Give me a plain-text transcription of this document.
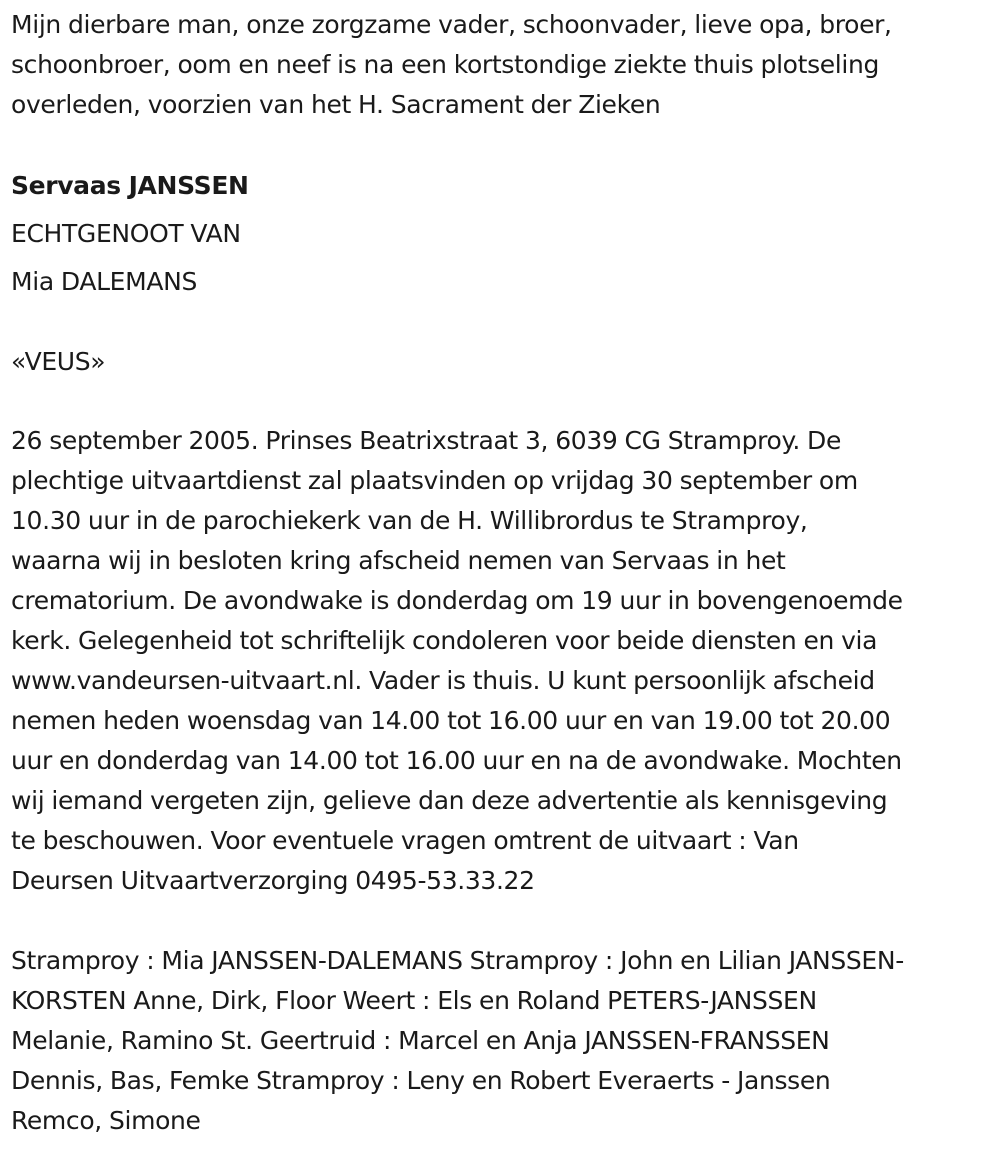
Mijn dierbare man, onze zorgzame vader, schoonvader, lieve opa, broer,
schoonbroer, oom en neef is na een kortstondige ziekte thuis plotseling
overleden, voorzien van het H. Sacrament der Zieken

Servaas JANSSEN

ECHTGENOOT VAN

Mia DALEMANS

«VEUS»

26 september 2005. Prinses Beatrixstraat 3, 6039 CG Stramproy. De
plechtige uitvaartdienst zal plaatsvinden op vrijdag 30 september om
10.30 uur in de parochiekerk van de H. Willibrordus te Stramproy,
waarna wij in besloten kring afscheid nemen van Servaas in het
crematorium. De avondwake is donderdag om 19 uur in bovengenoemde
kerk. Gelegenheid tot schriftelijk condoleren voor beide diensten en via
www.vandeursen-uitvaart.nl. Vader is thuis. U kunt persoonlijk afscheid
nemen heden woensdag van 14.00 tot 16.00 uur en van 19.00 tot 20.00
uur en donderdag van 14.00 tot 16.00 uur en na de avondwake. Mochten
wij iemand vergeten zijn, gelieve dan deze advertentie als kennisgeving
te beschouwen. Voor eventuele vragen omtrent de uitvaart : Van
Deursen Uitvaartverzorging 0495-53.33.22

Stramproy : Mia JANSSEN-DALEMANS Stramproy : John en Lilian JANSSEN-
KORSTEN Anne, Dirk, Floor Weert : Els en Roland PETERS-JANSSEN
Melanie, Ramino St. Geertruid : Marcel en Anja JANSSEN-FRANSSEN
Dennis, Bas, Femke Stramproy : Leny en Robert Everaerts - Janssen
Remco, Simone
